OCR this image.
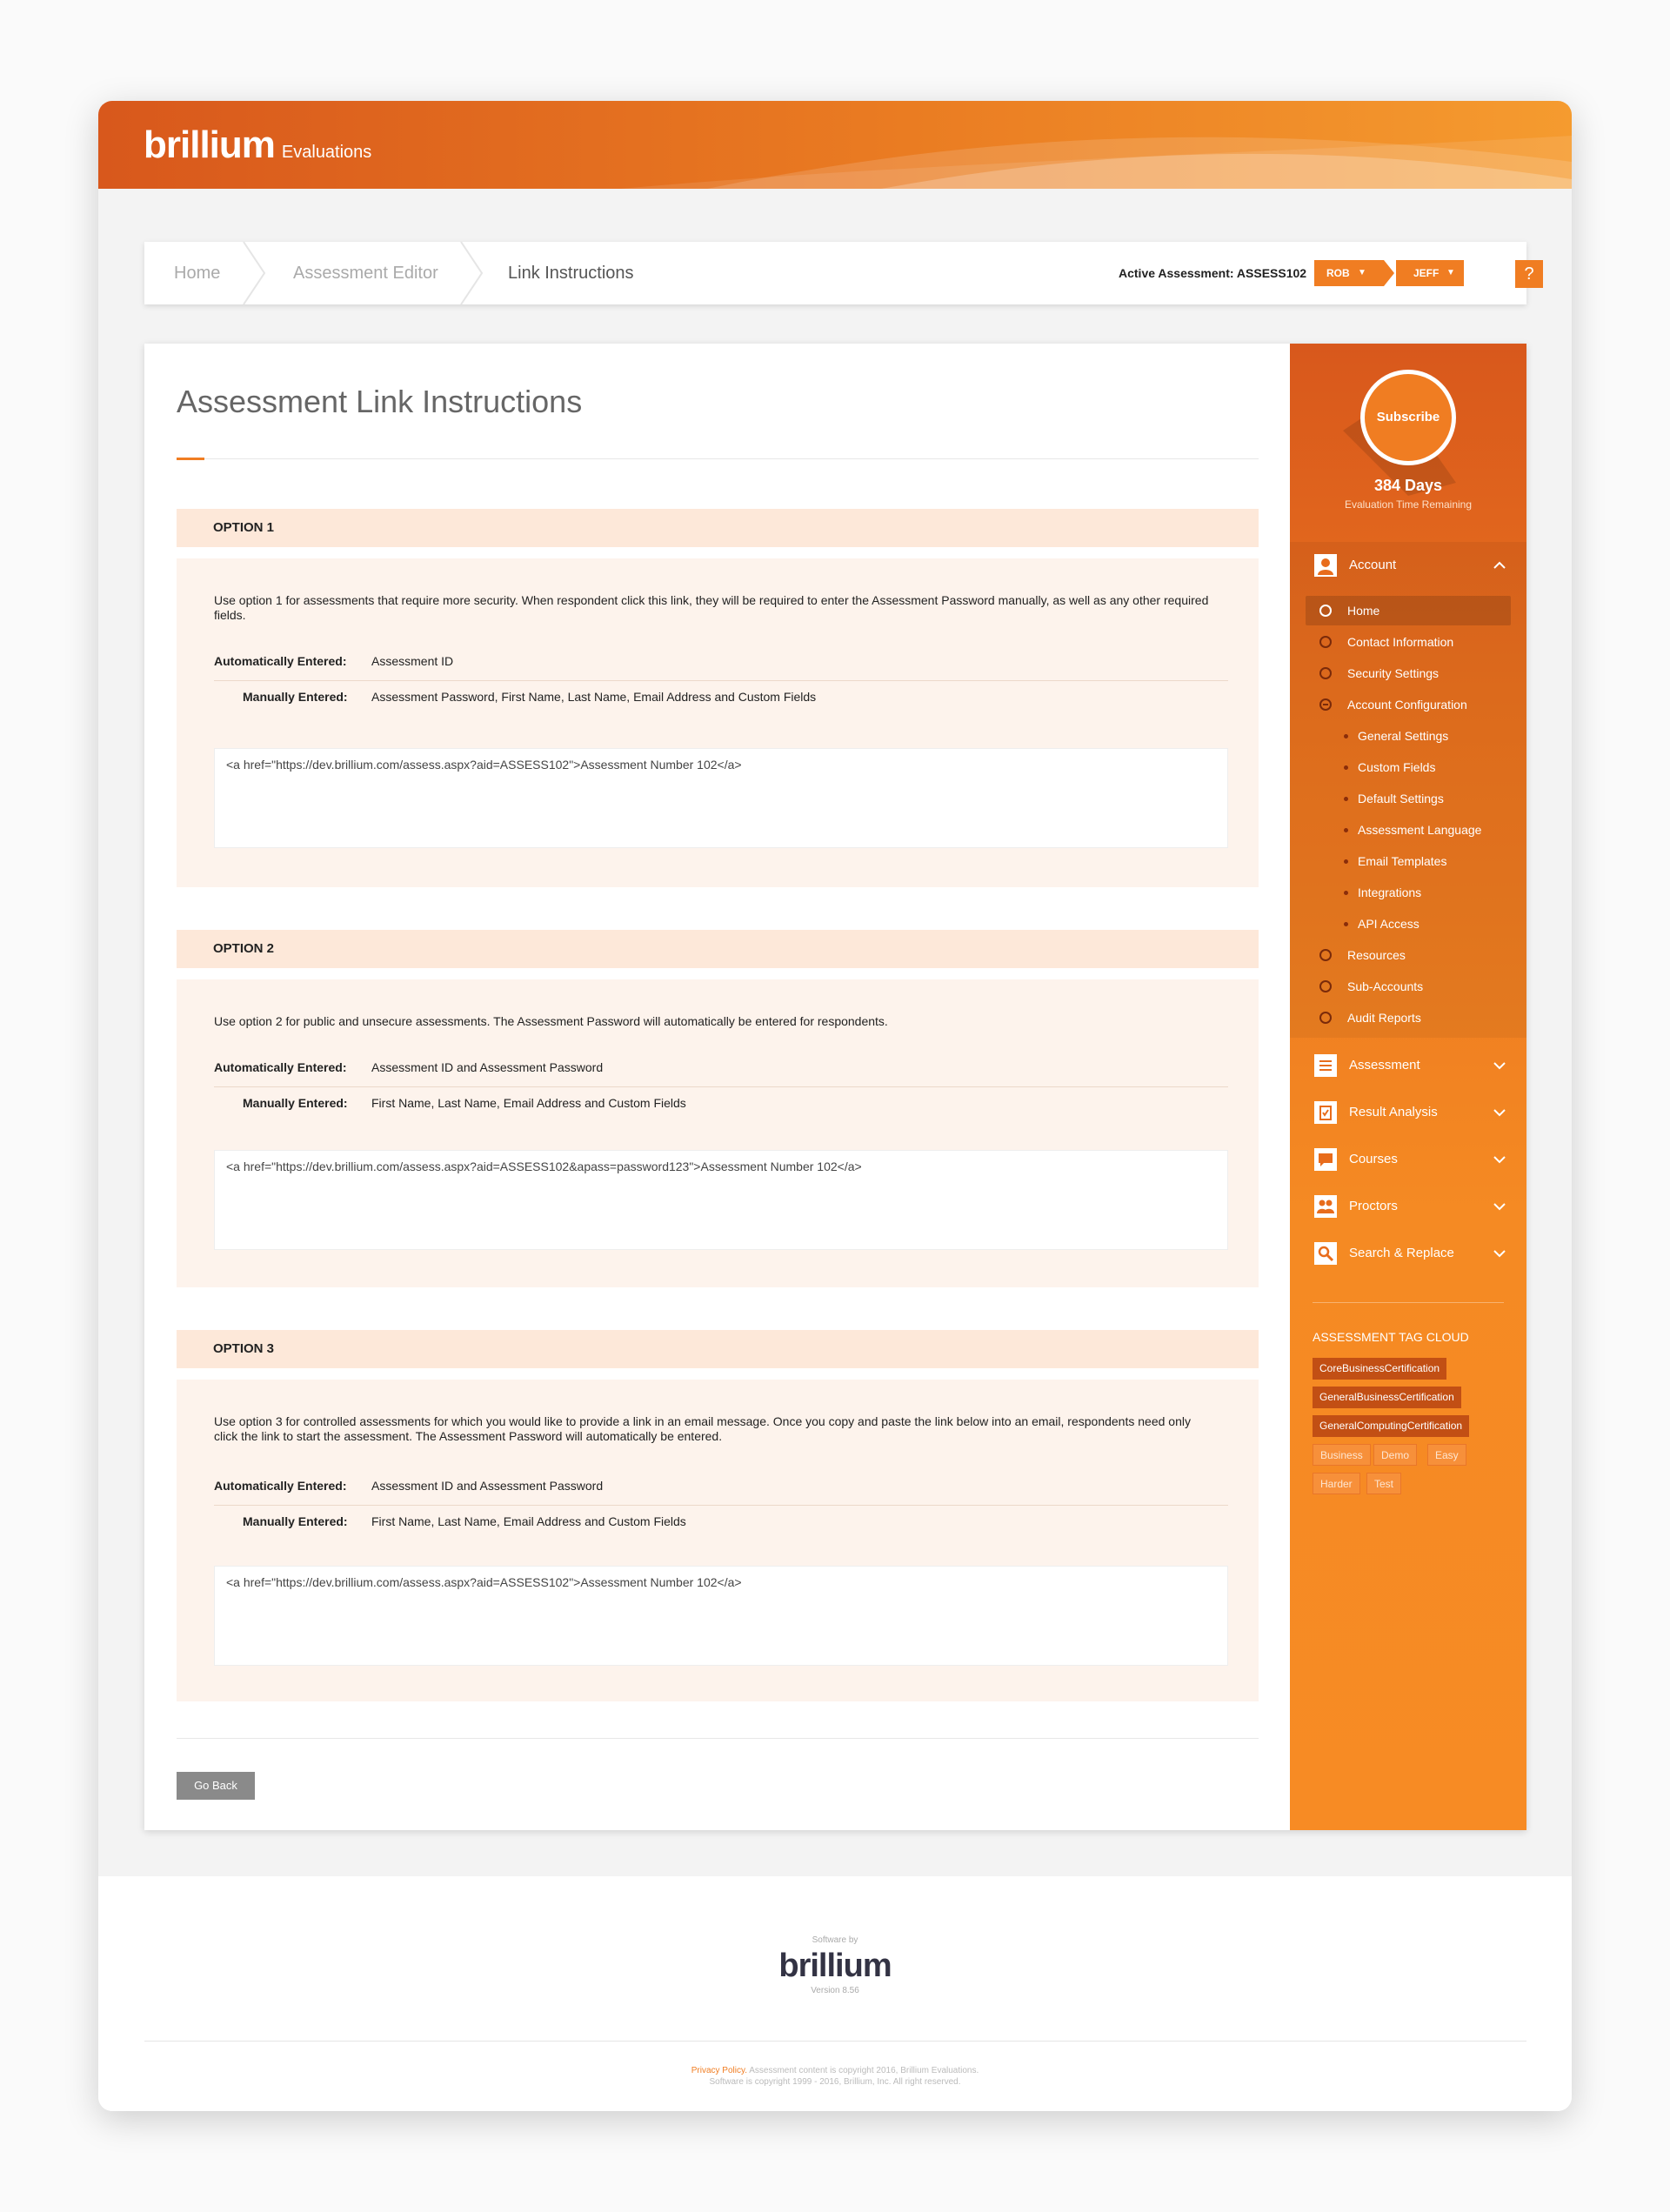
brillium Evaluations
Home	Assessment Editor	Link Instructions	Active Assessment: ASSESS102	ROB ▼	JEFF ▼	?
Assessment Link Instructions
OPTION 1

Use option 1 for assessments that require more security. When respondent click this link, they will be required to enter the Assessment Password manually, as well as any other required fields.

Automatically Entered: Assessment ID
Manually Entered: Assessment Password, First Name, Last Name, Email Address and Custom Fields
<a href="https://dev.brillium.com/assess.aspx?aid=ASSESS102">Assessment Number 102</a>
OPTION 2

Use option 2 for public and unsecure assessments. The Assessment Password will automatically be entered for respondents.

Automatically Entered: Assessment ID and Assessment Password
Manually Entered: First Name, Last Name, Email Address and Custom Fields
<a href="https://dev.brillium.com/assess.aspx?aid=ASSESS102&apass=password123">Assessment Number 102</a>
OPTION 3

Use option 3 for controlled assessments for which you would like to provide a link in an email message. Once you copy and paste the link below into an email, respondents need only click the link to start the assessment. The Assessment Password will automatically be entered.

Automatically Entered: Assessment ID and Assessment Password
Manually Entered: First Name, Last Name, Email Address and Custom Fields
<a href="https://dev.brillium.com/assess.aspx?aid=ASSESS102">Assessment Number 102</a>
Go Back
Subscribe
384 Days
Evaluation Time Remaining
Account
Home
Contact Information
Security Settings
Account Configuration
General Settings
Custom Fields
Default Settings
Assessment Language
Email Templates
Integrations
API Access
Resources
Sub-Accounts
Audit Reports
Assessment
Result Analysis
Courses
Proctors
Search & Replace
ASSESSMENT TAG CLOUD
CoreBusinessCertification
GeneralBusinessCertification
GeneralComputingCertification
Business	Demo	Easy
Harder	Test
Software by
brillium
Version 8.56
Privacy Policy. Assessment content is copyright 2016, Brillium Evaluations.
Software is copyright 1999 - 2016, Brillium, Inc. All right reserved.
